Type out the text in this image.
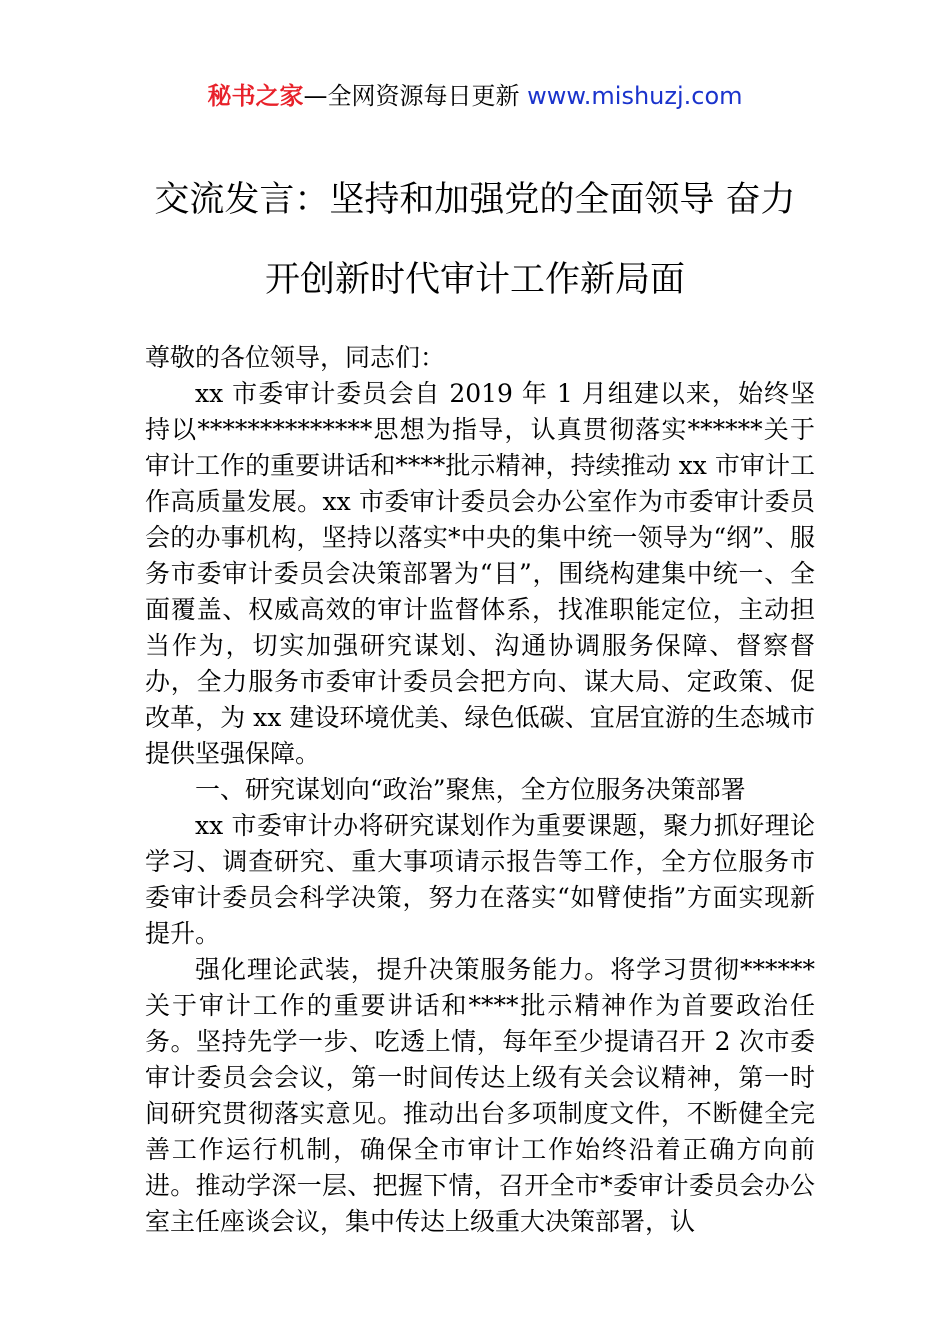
秘书之家—全网资源每日更新 www.mishuzj.com
交流发言：坚持和加强党的全面领导 奋力
开创新时代审计工作新局面

尊敬的各位领导，同志们：

xx 市委审计委员会自 2019 年 1 月组建以来，始终坚持以**************思想为指导，认真贯彻落实******关于审计工作的重要讲话和****批示精神，持续推动 xx 市审计工作高质量发展。xx 市委审计委员会办公室作为市委审计委员会的办事机构，坚持以落实*中央的集中统一领导为“纲”、服务市委审计委员会决策部署为“目”，围绕构建集中统一、全面覆盖、权威高效的审计监督体系，找准职能定位，主动担当作为，切实加强研究谋划、沟通协调服务保障、督察督办，全力服务市委审计委员会把方向、谋大局、定政策、促改革，为 xx 建设环境优美、绿色低碳、宜居宜游的生态城市提供坚强保障。

一、研究谋划向“政治”聚焦，全方位服务决策部署

xx 市委审计办将研究谋划作为重要课题，聚力抓好理论学习、调查研究、重大事项请示报告等工作，全方位服务市委审计委员会科学决策，努力在落实“如臂使指”方面实现新提升。

强化理论武装，提升决策服务能力。将学习贯彻******关于审计工作的重要讲话和****批示精神作为首要政治任务。坚持先学一步、吃透上情，每年至少提请召开 2 次市委审计委员会会议，第一时间传达上级有关会议精神，第一时间研究贯彻落实意见。推动出台多项制度文件，不断健全完善工作运行机制，确保全市审计工作始终沿着正确方向前进。推动学深一层、把握下情，召开全市*委审计委员会办公室主任座谈会议，集中传达上级重大决策部署，认
